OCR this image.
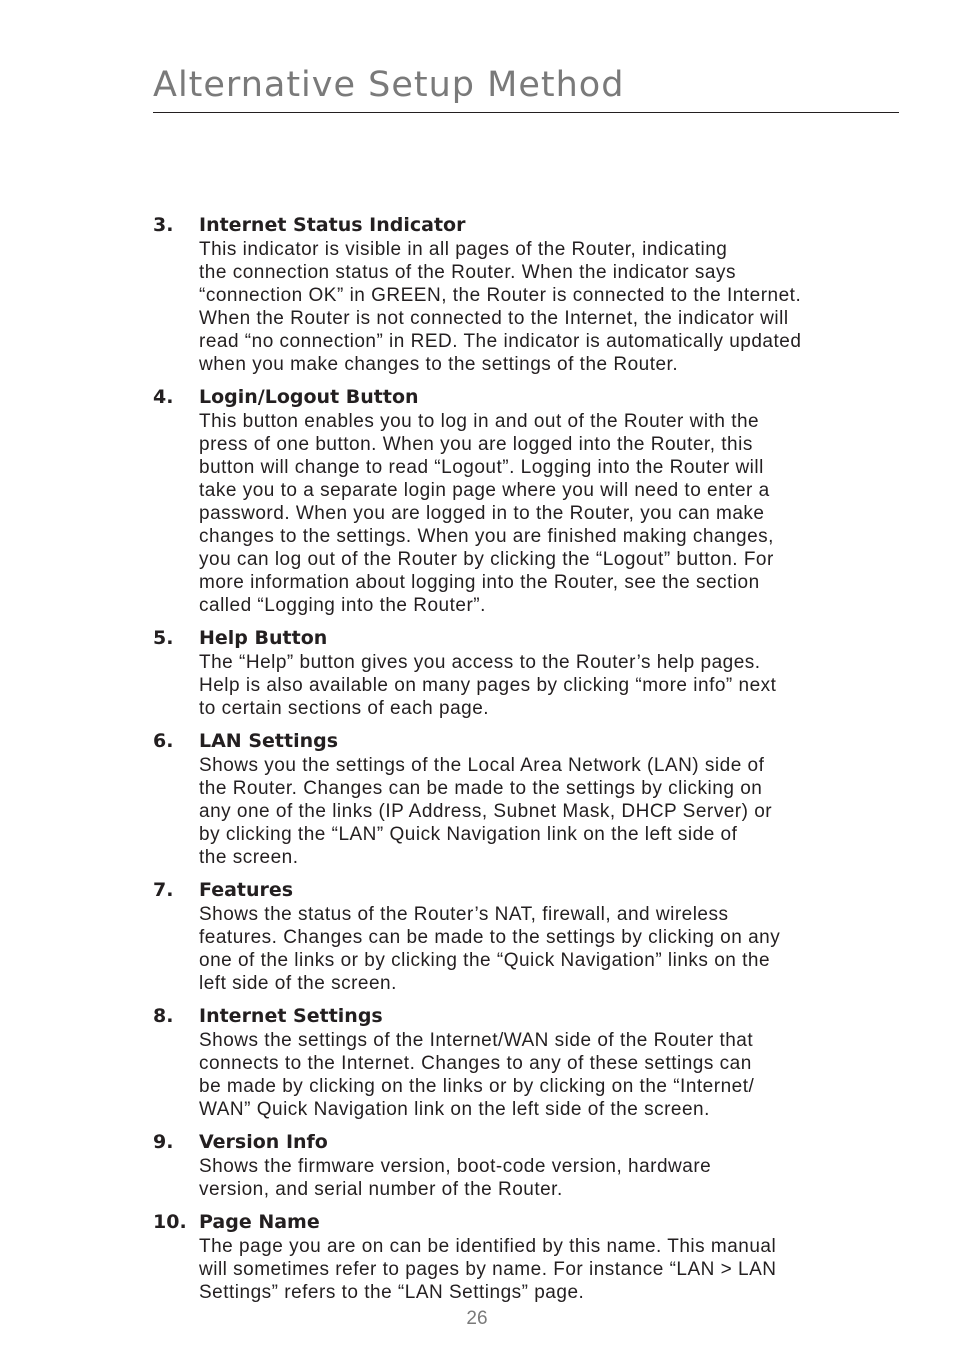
Alternative Setup Method
3. Internet Status Indicator

This indicator is visible in all pages of the Router, indicating
the connection status of the Router. When the indicator says
“connection OK” in GREEN, the Router is connected to the Internet.
When the Router is not connected to the Internet, the indicator will
read “no connection” in RED. The indicator is automatically updated
when you make changes to the settings of the Router.

4. Login/Logout Button

This button enables you to log in and out of the Router with the
press of one button. When you are logged into the Router, this
button will change to read “Logout”. Logging into the Router will
take you to a separate login page where you will need to enter a
password. When you are logged in to the Router, you can make
changes to the settings. When you are finished making changes,
you can log out of the Router by clicking the “Logout” button. For
more information about logging into the Router, see the section
called “Logging into the Router”.

5. Help Button

The “Help” button gives you access to the Router’s help pages.
Help is also available on many pages by clicking “more info” next
to certain sections of each page.

6. LAN Settings

Shows you the settings of the Local Area Network (LAN) side of
the Router. Changes can be made to the settings by clicking on
any one of the links (IP Address, Subnet Mask, DHCP Server) or
by clicking the “LAN” Quick Navigation link on the left side of
the screen.

7. Features

Shows the status of the Router’s NAT, firewall, and wireless
features. Changes can be made to the settings by clicking on any
one of the links or by clicking the “Quick Navigation” links on the
left side of the screen.

8. Internet Settings

Shows the settings of the Internet/WAN side of the Router that
connects to the Internet. Changes to any of these settings can
be made by clicking on the links or by clicking on the “Internet/
WAN” Quick Navigation link on the left side of the screen.

9. Version Info

Shows the firmware version, boot-code version, hardware
version, and serial number of the Router.

10. Page Name

The page you are on can be identified by this name. This manual
will sometimes refer to pages by name. For instance “LAN > LAN
Settings” refers to the “LAN Settings” page.

26
